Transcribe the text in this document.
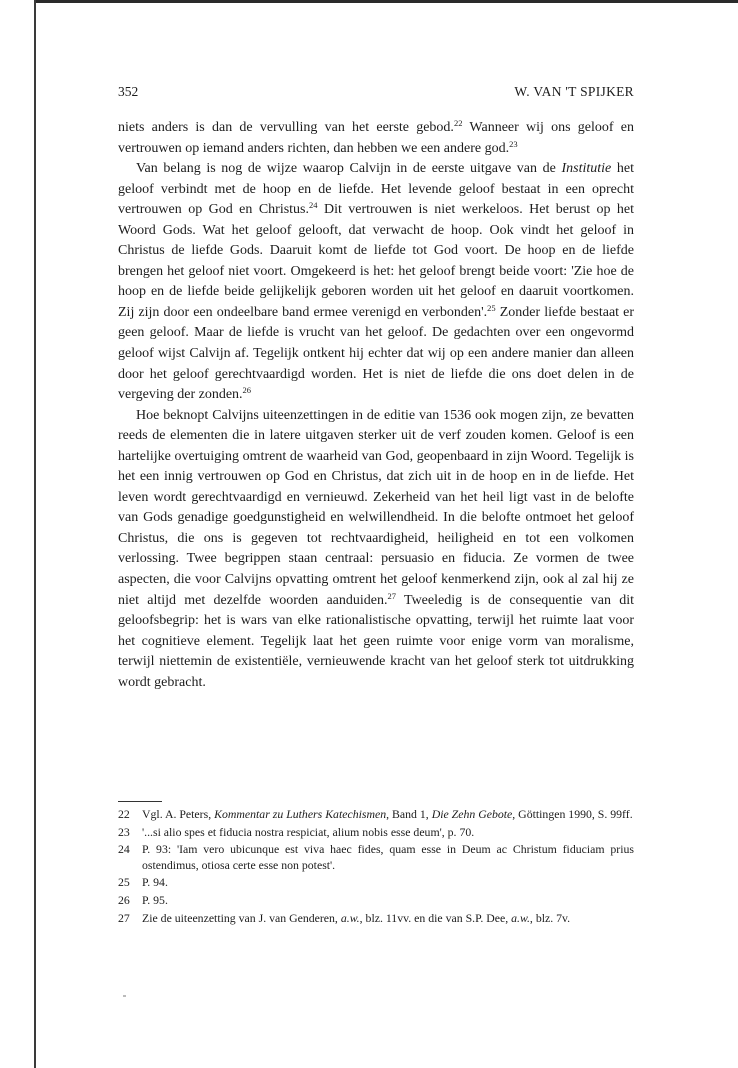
352	W. VAN 'T SPIJKER

niets anders is dan de vervulling van het eerste gebod.$^{22}$ Wanneer wij ons geloof en vertrouwen op iemand anders richten, dan hebben we een andere god.$^{23}$

Van belang is nog de wijze waarop Calvijn in de eerste uitgave van de Institutie het geloof verbindt met de hoop en de liefde. Het levende geloof bestaat in een oprecht vertrouwen op God en Christus.$^{24}$ Dit vertrouwen is niet werkeloos. Het berust op het Woord Gods. Wat het geloof gelooft, dat verwacht de hoop. Ook vindt het geloof in Christus de liefde Gods. Daaruit komt de liefde tot God voort. De hoop en de liefde brengen het geloof niet voort. Omgekeerd is het: het geloof brengt beide voort: 'Zie hoe de hoop en de liefde beide gelijkelijk geboren worden uit het geloof en daaruit voortkomen. Zij zijn door een ondeelbare band ermee verenigd en verbonden'.$^{25}$ Zonder liefde bestaat er geen geloof. Maar de liefde is vrucht van het geloof. De gedachten over een ongevormd geloof wijst Calvijn af. Tegelijk ontkent hij echter dat wij op een andere manier dan alleen door het geloof gerechtvaardigd worden. Het is niet de liefde die ons doet delen in de vergeving der zonden.$^{26}$

Hoe beknopt Calvijns uiteenzettingen in de editie van 1536 ook mogen zijn, ze bevatten reeds de elementen die in latere uitgaven sterker uit de verf zouden komen. Geloof is een hartelijke overtuiging omtrent de waarheid van God, geopenbaard in zijn Woord. Tegelijk is het een innig vertrouwen op God en Christus, dat zich uit in de hoop en in de liefde. Het leven wordt gerechtvaardigd en vernieuwd. Zekerheid van het heil ligt vast in de belofte van Gods genadige goedgunstigheid en welwillendheid. In die belofte ontmoet het geloof Christus, die ons is gegeven tot rechtvaardigheid, heiligheid en tot een volkomen verlossing. Twee begrippen staan centraal: persuasio en fiducia. Ze vormen de twee aspecten, die voor Calvijns opvatting omtrent het geloof kenmerkend zijn, ook al zal hij ze niet altijd met dezelfde woorden aanduiden.$^{27}$ Tweeledig is de consequentie van dit geloofsbegrip: het is wars van elke rationalistische opvatting, terwijl het ruimte laat voor het cognitieve element. Tegelijk laat het geen ruimte voor enige vorm van moralisme, terwijl niettemin de existentiële, vernieuwende kracht van het geloof sterk tot uitdrukking wordt gebracht.

22	Vgl. A. Peters, Kommentar zu Luthers Katechismen, Band 1, Die Zehn Gebote, Göttingen 1990, S. 99ff.
23	'...si alio spes et fiducia nostra respiciat, alium nobis esse deum', p. 70.
24	P. 93: 'Iam vero ubicunque est viva haec fides, quam esse in Deum ac Christum fiduciam prius ostendimus, otiosa certe esse non potest'.
25	P. 94.
26	P. 95.
27	Zie de uiteenzetting van J. van Genderen, a.w., blz. 11vv. en die van S.P. Dee, a.w., blz. 7v.
